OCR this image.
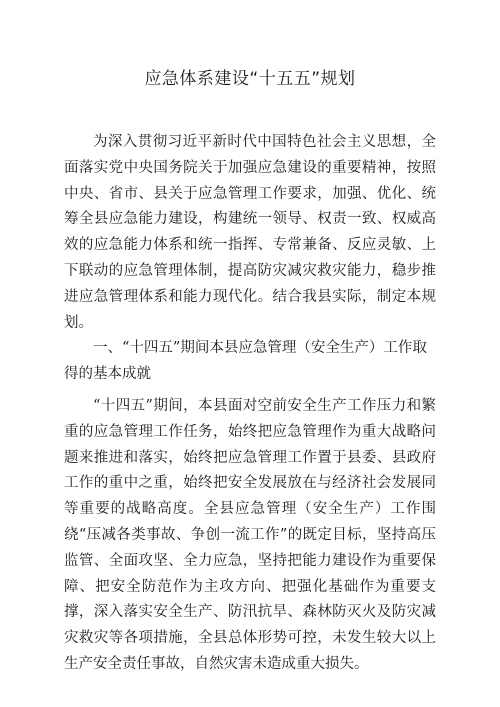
应急体系建设“十五五”规划

为深入贯彻习近平新时代中国特色社会主义思想，全面落实党中央国务院关于加强应急建设的重要精神，按照中央、省市、县关于应急管理工作要求，加强、优化、统筹全县应急能力建设，构建统一领导、权责一致、权威高效的应急能力体系和统一指挥、专常兼备、反应灵敏、上下联动的应急管理体制，提高防灾减灾救灾能力，稳步推进应急管理体系和能力现代化。结合我县实际，制定本规划。

一、“十四五”期间本县应急管理（安全生产）工作取得的基本成就

“十四五”期间，本县面对空前安全生产工作压力和繁重的应急管理工作任务，始终把应急管理作为重大战略问题来推进和落实，始终把应急管理工作置于县委、县政府工作的重中之重，始终把安全发展放在与经济社会发展同等重要的战略高度。全县应急管理（安全生产）工作围绕“压减各类事故、争创一流工作”的既定目标，坚持高压监管、全面攻坚、全力应急，坚持把能力建设作为重要保障、把安全防范作为主攻方向、把强化基础作为重要支撑，深入落实安全生产、防汛抗旱、森林防灭火及防灾减灾救灾等各项措施，全县总体形势可控，未发生较大以上生产安全责任事故，自然灾害未造成重大损失。
